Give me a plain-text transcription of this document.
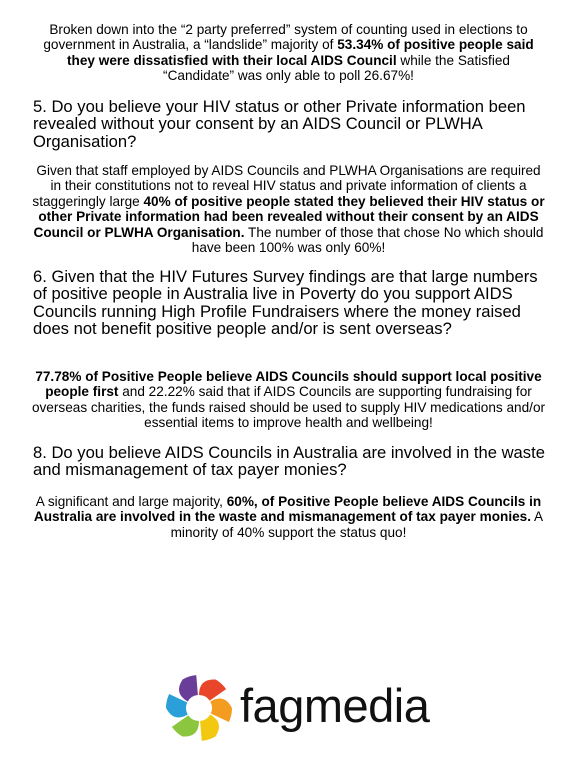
Broken down into the “2 party preferred” system of counting used in elections to government in Australia, a “landslide” majority of 53.34% of positive people said they were dissatisfied with their local AIDS Council while the Satisfied “Candidate” was only able to poll 26.67%!
5. Do you believe your HIV status or other Private information been revealed without your consent by an AIDS Council or PLWHA Organisation?
Given that staff employed by AIDS Councils and PLWHA Organisations are required in their constitutions not to reveal HIV status and private information of clients a staggeringly large 40% of positive people stated they believed their HIV status or other Private information had been revealed without their consent by an AIDS Council or PLWHA Organisation. The number of those that chose No which should have been 100% was only 60%!
6. Given that the HIV Futures Survey findings are that large numbers of positive people in Australia live in Poverty do you support AIDS Councils running High Profile Fundraisers where the money raised does not benefit positive people and/or is sent overseas?
77.78% of Positive People believe AIDS Councils should support local positive people first and 22.22% said that if AIDS Councils are supporting fundraising for overseas charities, the funds raised should be used to supply HIV medications and/or essential items to improve health and wellbeing!
8. Do you believe AIDS Councils in Australia are involved in the waste and mismanagement of tax payer monies?
A significant and large majority, 60%, of Positive People believe AIDS Councils in Australia are involved in the waste and mismanagement of tax payer monies. A minority of 40% support the status quo!
fagmedia
